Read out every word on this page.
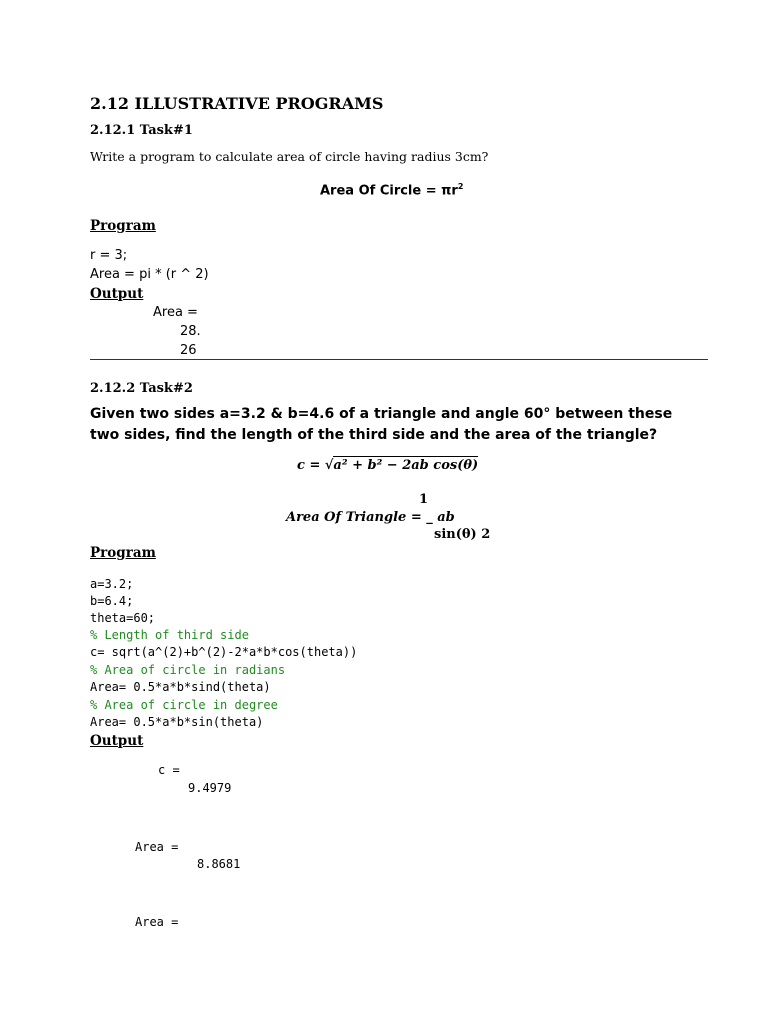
2.12 ILLUSTRATIVE PROGRAMS
2.12.1 Task#1
Write a program to calculate area of circle having radius 3cm?
Area Of Circle = $\pi r^2$
Program
r = 3;
Area = pi * (r ^ 2)
Output
Area =
28.
26
2.12.2 Task#2
Given two sides a=3.2 & b=4.6 of a triangle and angle 60° between these
two sides, find the length of the third side and the area of the triangle?
c = √a² + b² − 2ab cos(θ)
1
Area Of Triangle = _ ab
sin(θ) 2
Program
a=3.2;
b=6.4;
theta=60;
% Length of third side
c= sqrt(a^(2)+b^(2)-2*a*b*cos(theta))
% Area of circle in radians
Area= 0.5*a*b*sind(theta)
% Area of circle in degree
Area= 0.5*a*b*sin(theta)
Output
c =
9.4979
Area =
8.8681
Area =
